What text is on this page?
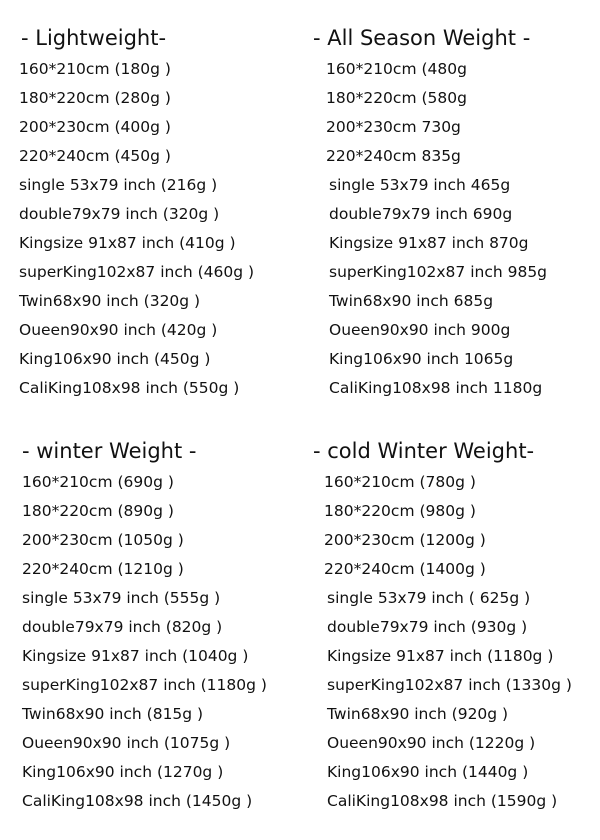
- Lightweight-
160*210cm (180g )
180*220cm (280g )
200*230cm (400g )
220*240cm (450g )
single 53x79 inch (216g )
double79x79 inch (320g )
Kingsize 91x87 inch (410g )
superKing102x87 inch (460g )
Twin68x90 inch (320g )
Oueen90x90 inch (420g )
King106x90 inch (450g )
CaliKing108x98 inch (550g )
- All Season Weight -
160*210cm (480g
180*220cm (580g
200*230cm 730g
220*240cm 835g
single 53x79 inch 465g
double79x79 inch 690g
Kingsize 91x87 inch 870g
superKing102x87 inch 985g
Twin68x90 inch 685g
Oueen90x90 inch 900g
King106x90 inch 1065g
CaliKing108x98 inch 1180g
- winter Weight -
160*210cm (690g )
180*220cm (890g )
200*230cm (1050g )
220*240cm (1210g )
single 53x79 inch (555g )
double79x79 inch (820g )
Kingsize 91x87 inch (1040g )
superKing102x87 inch (1180g )
Twin68x90 inch (815g )
Oueen90x90 inch (1075g )
King106x90 inch (1270g )
CaliKing108x98 inch (1450g )
- cold Winter Weight-
160*210cm (780g )
180*220cm (980g )
200*230cm (1200g )
220*240cm (1400g )
single 53x79 inch ( 625g )
double79x79 inch (930g )
Kingsize 91x87 inch (1180g )
superKing102x87 inch (1330g )
Twin68x90 inch (920g )
Oueen90x90 inch (1220g )
King106x90 inch (1440g )
CaliKing108x98 inch (1590g )
